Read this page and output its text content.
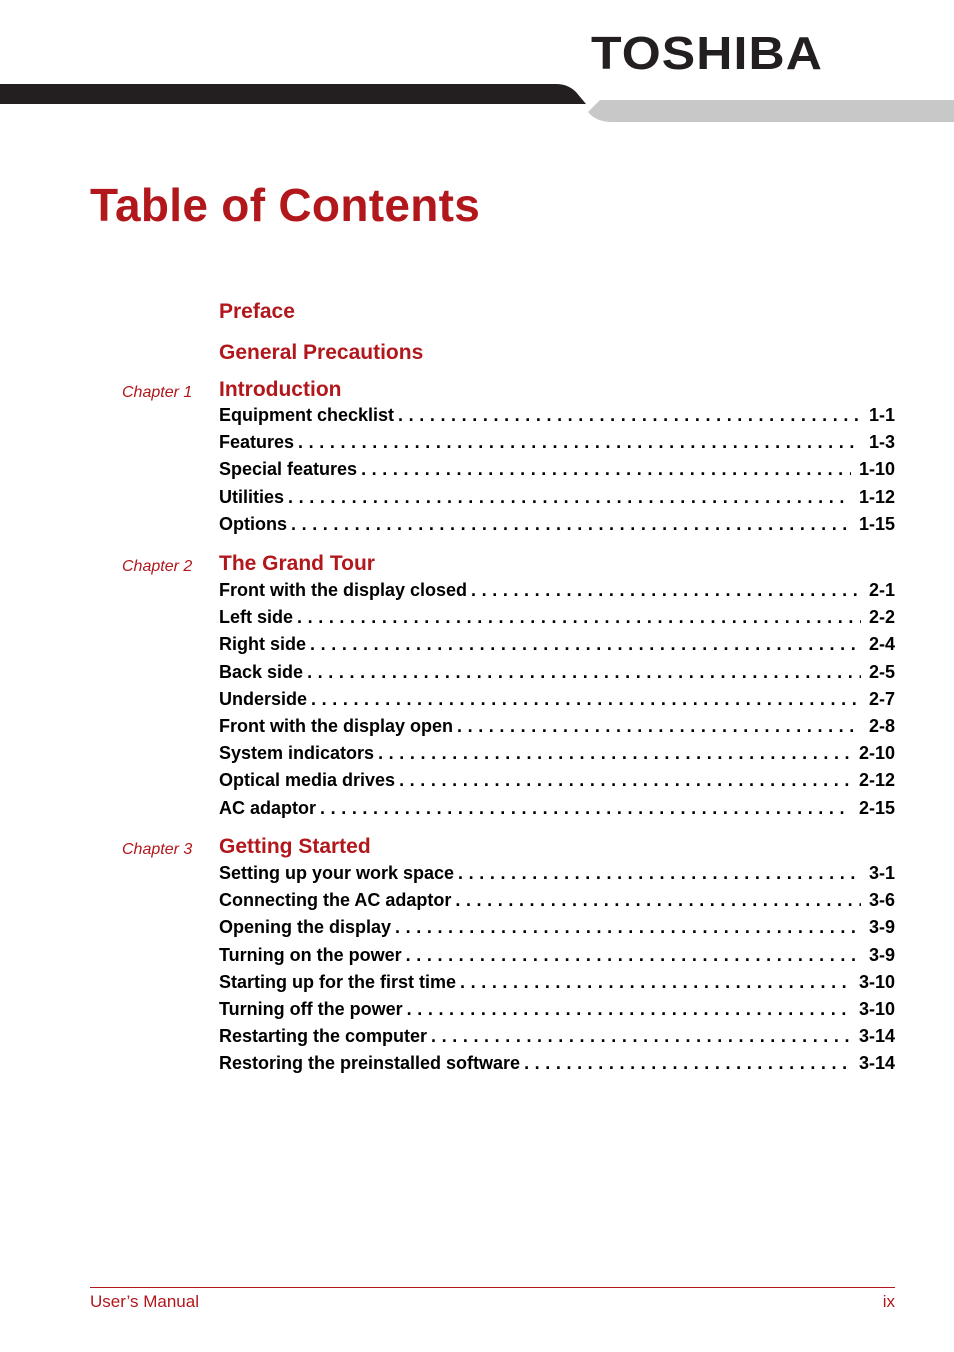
TOSHIBA
Table of Contents
Preface
General Precautions
Chapter 1 Introduction
Equipment checklist . . .	1-1
Features . . .	1-3
Special features . . .	1-10
Utilities . . .	1-12
Options . . .	1-15
Chapter 2 The Grand Tour
Front with the display closed . . .	2-1
Left side . . .	2-2
Right side . . .	2-4
Back side . . .	2-5
Underside . . .	2-7
Front with the display open . . .	2-8
System indicators . . .	2-10
Optical media drives . . .	2-12
AC adaptor . . .	2-15
Chapter 3 Getting Started
Setting up your work space . . .	3-1
Connecting the AC adaptor . . .	3-6
Opening the display . . .	3-9
Turning on the power . . .	3-9
Starting up for the first time . . .	3-10
Turning off the power . . .	3-10
Restarting the computer . . .	3-14
Restoring the preinstalled software . . .	3-14
User’s Manual	ix
